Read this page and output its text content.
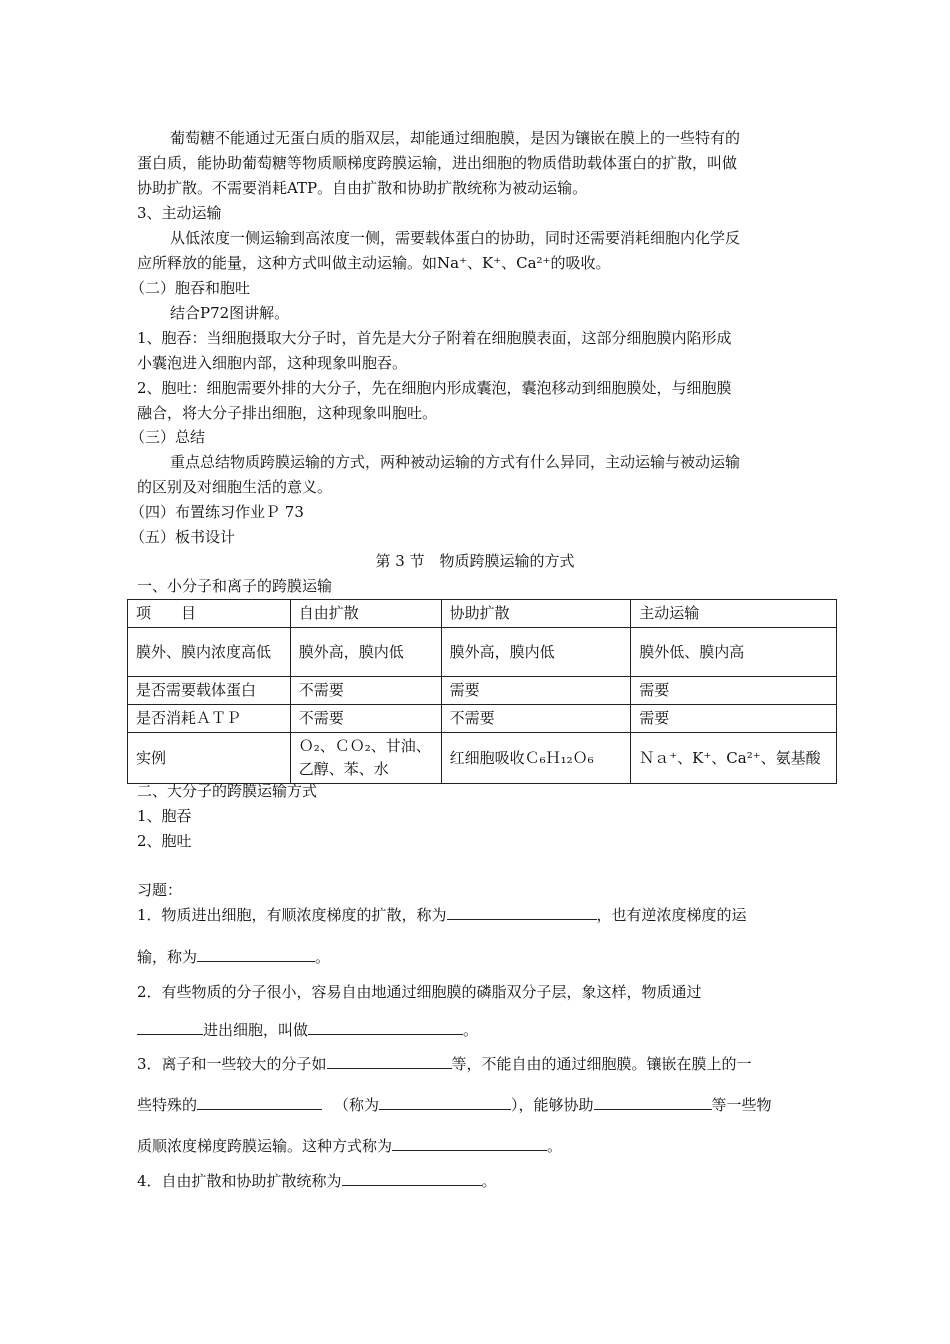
葡萄糖不能通过无蛋白质的脂双层，却能通过细胞膜，是因为镶嵌在膜上的一些特有的

蛋白质，能协助葡萄糖等物质顺梯度跨膜运输，进出细胞的物质借助载体蛋白的扩散，叫做

协助扩散。不需要消耗ATP。自由扩散和协助扩散统称为被动运输。

3、主动运输

从低浓度一侧运输到高浓度一侧，需要载体蛋白的协助，同时还需要消耗细胞内化学反

应所释放的能量，这种方式叫做主动运输。如Na⁺、K⁺、Ca²⁺的吸收。

（二）胞吞和胞吐

结合P72图讲解。

1、胞吞：当细胞摄取大分子时，首先是大分子附着在细胞膜表面，这部分细胞膜内陷形成

小囊泡进入细胞内部，这种现象叫胞吞。

2、胞吐：细胞需要外排的大分子，先在细胞内形成囊泡，囊泡移动到细胞膜处，与细胞膜

融合，将大分子排出细胞，这种现象叫胞吐。

（三）总结

重点总结物质跨膜运输的方式，两种被动运输的方式有什么异同，主动运输与被动运输

的区别及对细胞生活的意义。

（四）布置练习作业Ｐ 73

（五）板书设计

第 3 节　物质跨膜运输的方式

一、小分子和离子的跨膜运输

项　　目	自由扩散	协助扩散	主动运输
膜外、膜内浓度高低	膜外高，膜内低	膜外高，膜内低	膜外低、膜内高
是否需要载体蛋白	不需要	需要	需要
是否消耗ＡＴＰ	不需要	不需要	需要
实例	Ｏ₂、ＣＯ₂、甘油、乙醇、苯、水	红细胞吸收Ｃ₆Ｈ₁₂Ｏ₆	Ｎａ⁺、K⁺、Ca²⁺、氨基酸

二、大分子的跨膜运输方式

1、胞吞

2、胞吐

习题：

1．物质进出细胞，有顺浓度梯度的扩散，称为	，也有逆浓度梯度的运

输，称为	。

2．有些物质的分子很小，容易自由地通过细胞膜的磷脂双分子层，象这样，物质通过

进出细胞，叫做	。

3．离子和一些较大的分子如	等，不能自由的通过细胞膜。镶嵌在膜上的一

些特殊的	（称为	），能够协助	等一些物

质顺浓度梯度跨膜运输。这种方式称为	。

4．自由扩散和协助扩散统称为	。
